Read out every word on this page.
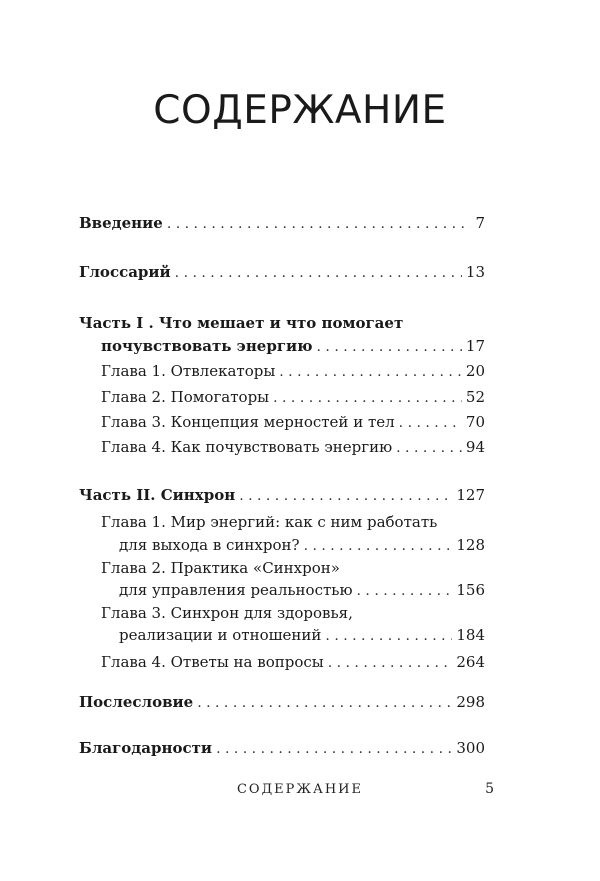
СОДЕРЖАНИЕ
Введение . . .	7
Глоссарий . . .	13
Часть I . Что мешает и что помогает
почувствовать энергию . . .	17
Глава 1. Отвлекаторы . . .	20
Глава 2. Помогаторы . . .	52
Глава 3. Концепция мерностей и тел . . .	70
Глава 4. Как почувствовать энергию . . .	94
Часть II. Синхрон . . .	127
Глава 1. Мир энергий: как с ним работать
для выхода в синхрон? . . .	128
Глава 2. Практика «Синхрон»
для управления реальностью . . .	156
Глава 3. Синхрон для здоровья,
реализации и отношений . . .	184
Глава 4. Ответы на вопросы . . .	264
Послесловие . . .	298
Благодарности . . .	300
СОДЕРЖАНИЕ	5
